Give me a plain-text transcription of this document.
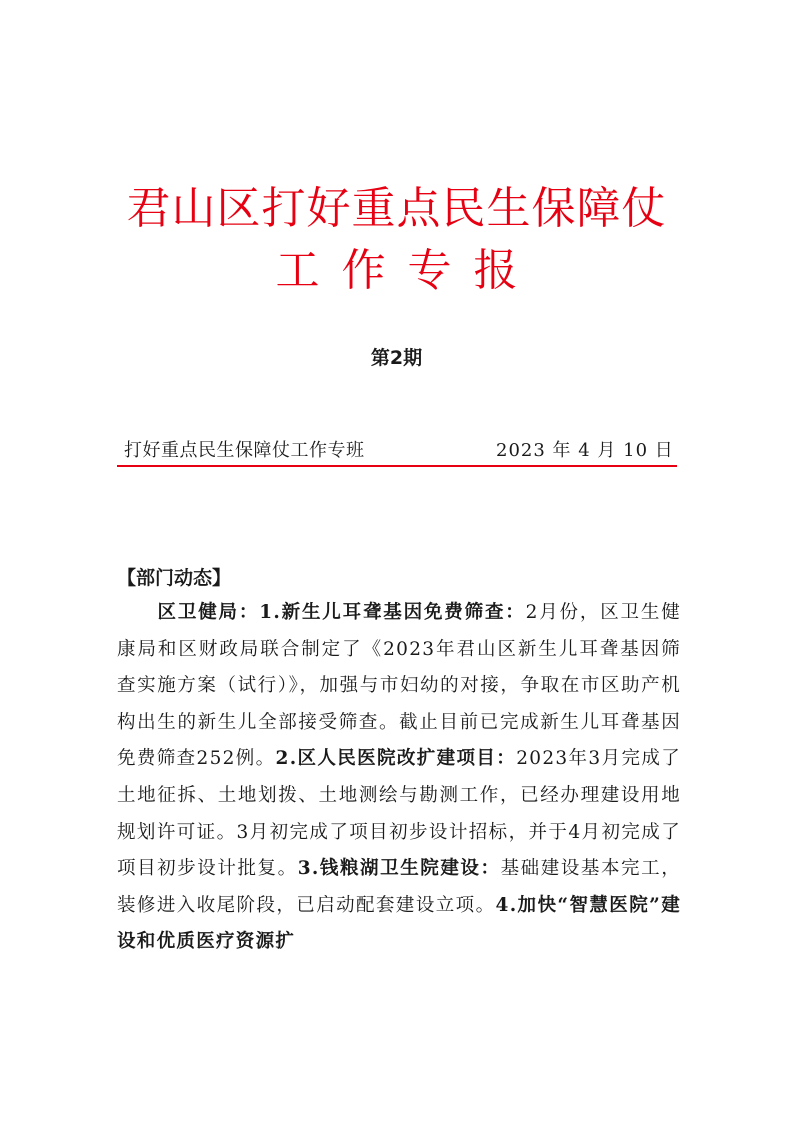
君山区打好重点民生保障仗
工作专报
第2期
打好重点民生保障仗工作专班	2023 年 4 月 10 日
【部门动态】

区卫健局：1.新生儿耳聋基因免费筛查：2月份，区卫生健康局和区财政局联合制定了《2023年君山区新生儿耳聋基因筛查实施方案（试行）》，加强与市妇幼的对接，争取在市区助产机构出生的新生儿全部接受筛查。截止目前已完成新生儿耳聋基因免费筛查252例。2.区人民医院改扩建项目：2023年3月完成了土地征拆、土地划拨、土地测绘与勘测工作，已经办理建设用地规划许可证。3月初完成了项目初步设计招标，并于4月初完成了项目初步设计批复。3.钱粮湖卫生院建设：基础建设基本完工，装修进入收尾阶段，已启动配套建设立项。4.加快“智慧医院”建设和优质医疗资源扩
